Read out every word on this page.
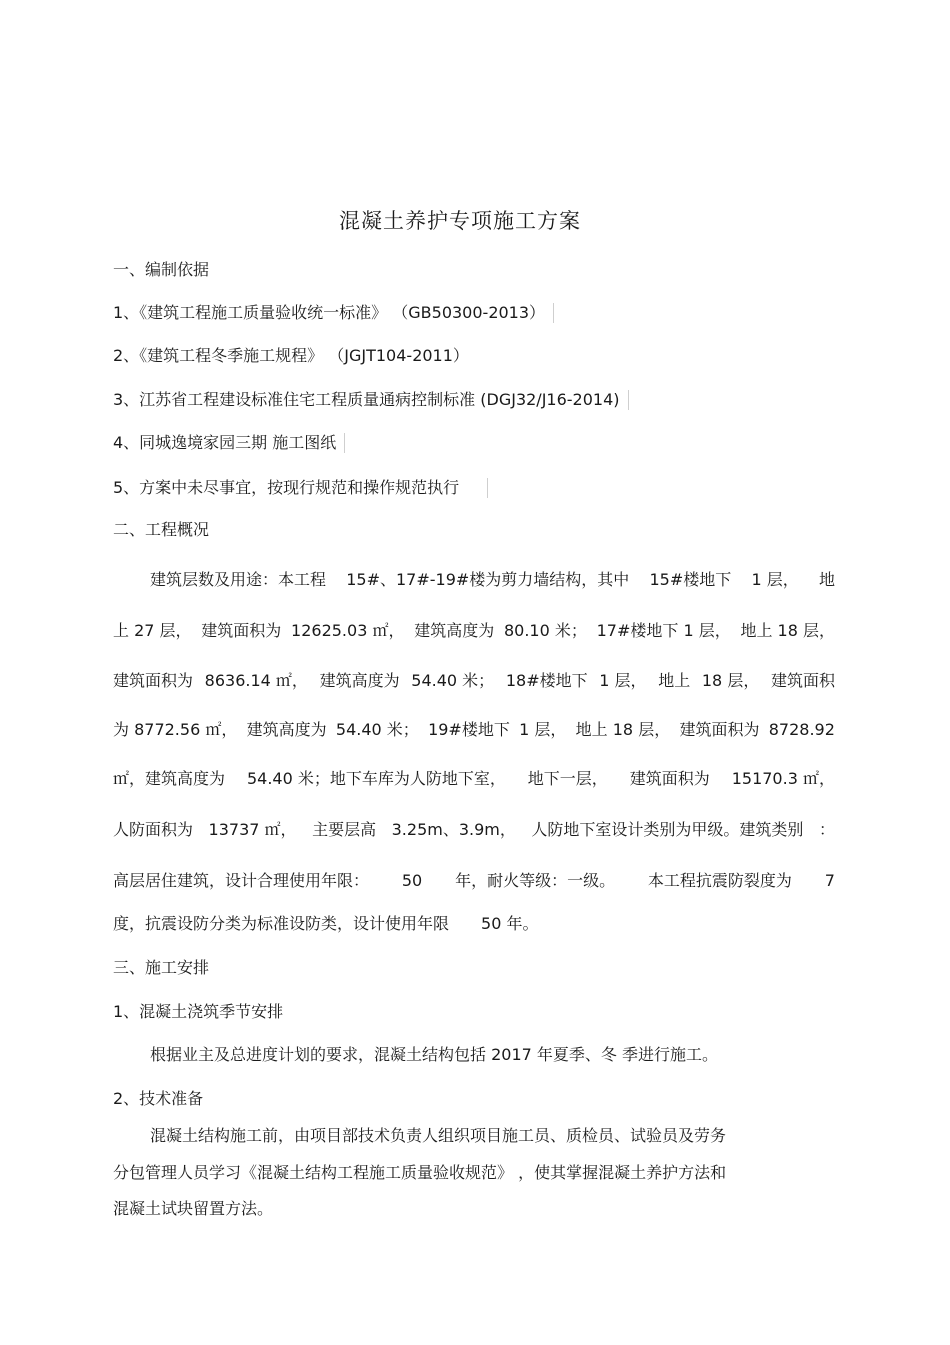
混凝土养护专项施工方案
一、编制依据
1、《建筑工程施工质量验收统一标准》 （GB50300-2013）
2、《建筑工程冬季施工规程》 （JGJT104-2011）
3、江苏省工程建设标准住宅工程质量通病控制标准 (DGJ32/J16-2014)
4、同城逸境家园三期 施工图纸
5、方案中未尽事宜，按现行规范和操作规范执行
二、工程概况
建筑层数及用途：本工程 15#、17#-19#楼为剪力墙结构，其中 15#楼地下 1 层， 地
上 27 层， 建筑面积为 12625.03 ㎡， 建筑高度为 80.10 米； 17#楼地下 1 层， 地上 18 层，
建筑面积为 8636.14 ㎡， 建筑高度为 54.40 米； 18#楼地下 1 层， 地上 18 层， 建筑面积
为 8772.56 ㎡， 建筑高度为 54.40 米； 19#楼地下 1 层， 地上 18 层， 建筑面积为 8728.92
㎡，建筑高度为 54.40 米；地下车库为人防地下室， 地下一层， 建筑面积为 15170.3 ㎡，
人防面积为 13737 ㎡， 主要层高 3.25m、3.9m， 人防地下室设计类别为甲级。建筑类别 ：
高层居住建筑，设计合理使用年限： 50 年，耐火等级：一级。 本工程抗震防裂度为 7
度，抗震设防分类为标准设防类，设计使用年限 50 年。
三、施工安排
1、混凝土浇筑季节安排
根据业主及总进度计划的要求，混凝土结构包括 2017 年夏季、冬 季进行施工。
2、技术准备
混凝土结构施工前，由项目部技术负责人组织项目施工员、质检员、试验员及劳务
分包管理人员学习《混凝土结构工程施工质量验收规范》 ，使其掌握混凝土养护方法和
混凝土试块留置方法。
